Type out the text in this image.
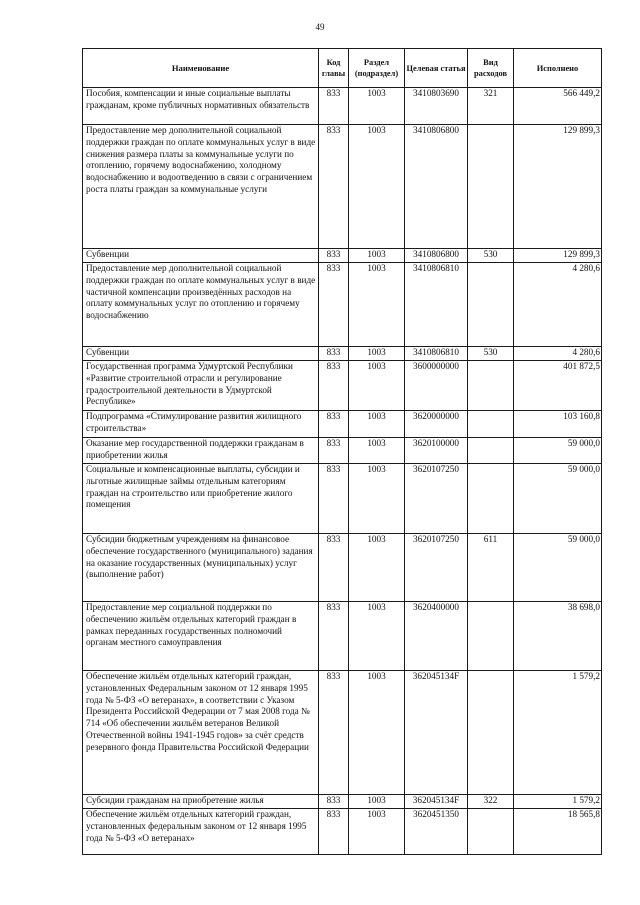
49
Наименование	Код главы	Раздел (подраздел)	Целевая статья	Вид расходов	Исполнено
Пособия, компенсации и иные социальные выплаты гражданам, кроме публичных нормативных обязательств	833	1003	3410803690	321	566 449,2
Предоставление мер дополнительной социальной поддержки граждан по оплате коммунальных услуг в виде снижения размера платы за коммунальные услуги по отоплению, горячему водоснабжению, холодному водоснабжению и водоотведению в связи с ограничением роста платы граждан за коммунальные услуги	833	1003	3410806800		129 899,3
Субвенции	833	1003	3410806800	530	129 899,3
Предоставление мер дополнительной социальной поддержки граждан по оплате коммунальных услуг в виде частичной компенсации произведённых расходов на оплату коммунальных услуг по отоплению и горячему водоснабжению	833	1003	3410806810		4 280,6
Субвенции	833	1003	3410806810	530	4 280,6
Государственная программа Удмуртской Республики «Развитие строительной отрасли и регулирование градостроительной деятельности в Удмуртской Республике»	833	1003	3600000000		401 872,5
Подпрограмма «Стимулирование развития жилищного строительства»	833	1003	3620000000		103 160,8
Оказание мер государственной поддержки гражданам в приобретении жилья	833	1003	3620100000		59 000,0
Социальные и компенсационные выплаты, субсидии и льготные жилищные займы отдельным категориям граждан на строительство или приобретение жилого помещения	833	1003	3620107250		59 000,0
Субсидии бюджетным учреждениям на финансовое обеспечение государственного (муниципального) задания на оказание государственных (муниципальных) услуг (выполнение работ)	833	1003	3620107250	611	59 000,0
Предоставление мер социальной поддержки по обеспечению жильём отдельных категорий граждан в рамках переданных государственных полномочий органам местного самоуправления	833	1003	3620400000		38 698,0
Обеспечение жильём отдельных категорий граждан, установленных Федеральным законом от 12 января 1995 года № 5-ФЗ «О ветеранах», в соответствии с Указом Президента Российской Федерации от 7 мая 2008 года № 714 «Об обеспечении жильём ветеранов Великой Отечественной войны 1941-1945 годов» за счёт средств резервного фонда Правительства Российской Федерации	833	1003	362045134F		1 579,2
Субсидии гражданам на приобретение жилья	833	1003	362045134F	322	1 579,2
Обеспечение жильём отдельных категорий граждан, установленных федеральным законом от 12 января 1995 года № 5-ФЗ «О ветеранах»	833	1003	3620451350		18 565,8
